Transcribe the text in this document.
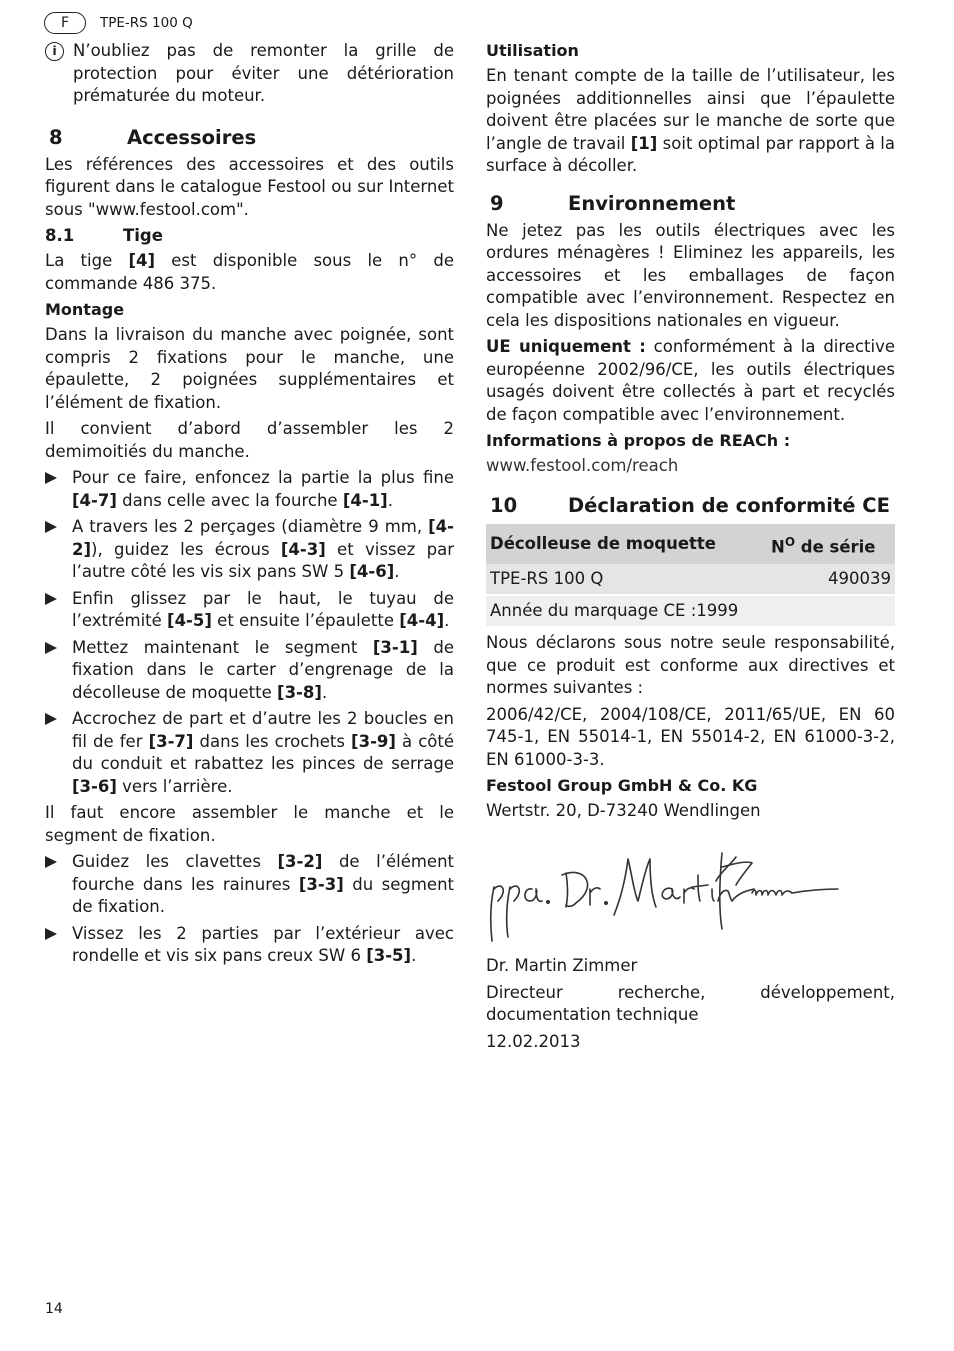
F	TPE-RS 100 Q
i N’oubliez pas de remonter la grille de protection pour éviter une détérioration prématurée du moteur.

8	Accessoires

Les références des accessoires et des outils figurent dans le catalogue Festool ou sur Internet sous "www.festool.com".

8.1	Tige

La tige [4] est disponible sous le n° de commande 486 375.

Montage

Dans la livraison du manche avec poignée, sont compris 2 fixations pour le manche, une épaulette, 2 poignées supplémentaires et l’élément de fixation.

Il convient d’abord d’assembler les 2 demimoitiés du manche.

Pour ce faire, enfoncez la partie la plus fine [4-7] dans celle avec la fourche [4-1].

A travers les 2 perçages (diamètre 9 mm, [4-2]), guidez les écrous [4-3] et vissez par l’autre côté les vis six pans SW 5 [4-6].

Enfin glissez par le haut, le tuyau de l’extrémité [4-5] et ensuite l’épaulette [4-4].

Mettez maintenant le segment [3-1] de fixation dans le carter d’engrenage de la décolleuse de moquette [3-8].

Accrochez de part et d’autre les 2 boucles en fil de fer [3-7] dans les crochets [3-9] à côté du conduit et rabattez les pinces de serrage [3-6] vers l’arrière.

Il faut encore assembler le manche et le segment de fixation.

Guidez les clavettes [3-2] de l’élément fourche dans les rainures [3-3] du segment de fixation.

Vissez les 2 parties par l’extérieur avec rondelle et vis six pans creux SW 6 [3-5].

Utilisation

En tenant compte de la taille de l’utilisateur, les poignées additionnelles ainsi que l’épaulette doivent être placées sur le manche de sorte que l’angle de travail [1] soit optimal par rapport à la surface à décoller.

9	Environnement

Ne jetez pas les outils électriques avec les ordures ménagères ! Eliminez les appareils, les accessoires et les emballages de façon compatible avec l’environnement. Respectez en cela les dispositions nationales en vigueur.

UE uniquement : conformément à la directive européenne 2002/96/CE, les outils électriques usagés doivent être collectés à part et recyclés de façon compatible avec l’environnement.

Informations à propos de REACh :

www.festool.com/reach

10	Déclaration de conformité CE
Décolleuse de moquette	$N^O$ de série
TPE-RS 100 Q	490039
Année du marquage CE :1999	

Nous déclarons sous notre seule responsabilité, que ce produit est conforme aux directives et normes suivantes :

2006/42/CE, 2004/108/CE, 2011/65/UE, EN 60 745-1, EN 55014-1, EN 55014-2, EN 61000-3-2, EN 61000-3-3.

Festool Group GmbH & Co. KG

Wertstr. 20, D-73240 Wendlingen

Dr. Martin Zimmer

Directeur recherche, développement, documentation technique

12.02.2013

14
